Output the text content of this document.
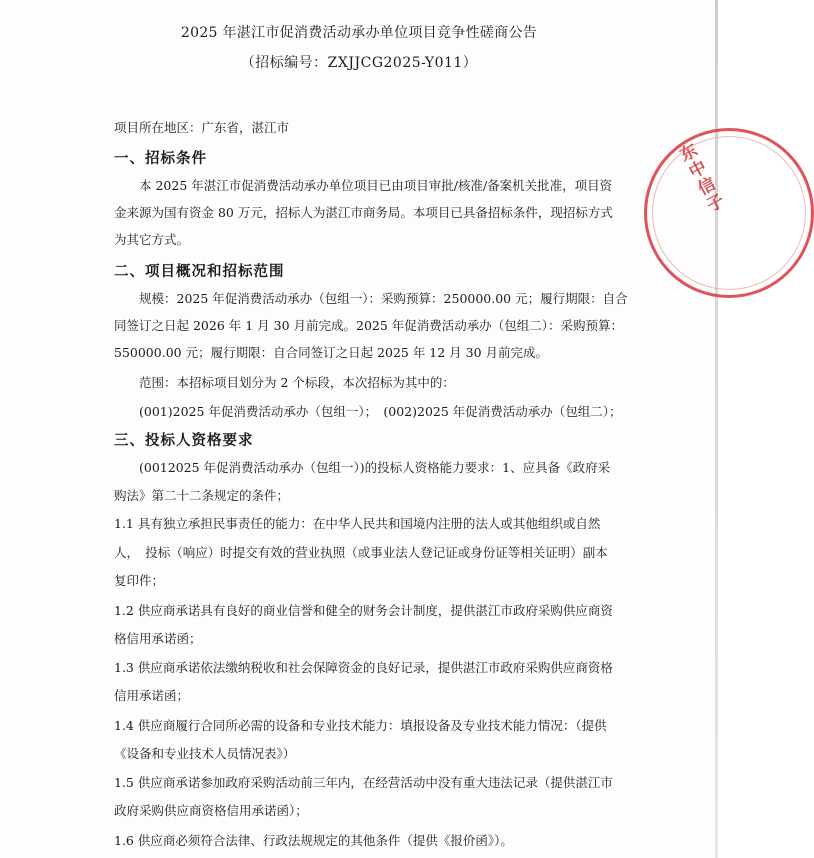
2025 年湛江市促消费活动承办单位项目竞争性磋商公告
（招标编号：ZXJJCG2025-Y011）
项目所在地区：广东省，湛江市
一、招标条件
本 2025 年湛江市促消费活动承办单位项目已由项目审批/核准/备案机关批准，项目资
金来源为国有资金 80 万元，招标人为湛江市商务局。本项目已具备招标条件，现招标方式
为其它方式。
二、项目概况和招标范围
规模：2025 年促消费活动承办（包组一）：采购预算：250000.00 元；履行期限：自合
同签订之日起 2026 年 1 月 30 月前完成。2025 年促消费活动承办（包组二）：采购预算：
550000.00 元；履行期限：自合同签订之日起 2025 年 12 月 30 月前完成。
范围：本招标项目划分为 2 个标段，本次招标为其中的：
(001)2025 年促消费活动承办（包组一）；　(002)2025 年促消费活动承办（包组二）；
三、投标人资格要求
(0012025 年促消费活动承办（包组一）)的投标人资格能力要求：1、应具备《政府采
购法》第二十二条规定的条件；
1.1 具有独立承担民事责任的能力：在中华人民共和国境内注册的法人或其他组织或自然
人，　投标（响应）时提交有效的营业执照（或事业法人登记证或身份证等相关证明）副本
复印件；
1.2 供应商承诺具有良好的商业信誉和健全的财务会计制度，提供湛江市政府采购供应商资
格信用承诺函；
1.3 供应商承诺依法缴纳税收和社会保障资金的良好记录，提供湛江市政府采购供应商资格
信用承诺函；
1.4 供应商履行合同所必需的设备和专业技术能力：填报设备及专业技术能力情况：（提供
《设备和专业技术人员情况表》）
1.5 供应商承诺参加政府采购活动前三年内，在经营活动中没有重大违法记录（提供湛江市
政府采购供应商资格信用承诺函）；
1.6 供应商必须符合法律、行政法规规定的其他条件（提供《报价函》）。
东中信子
